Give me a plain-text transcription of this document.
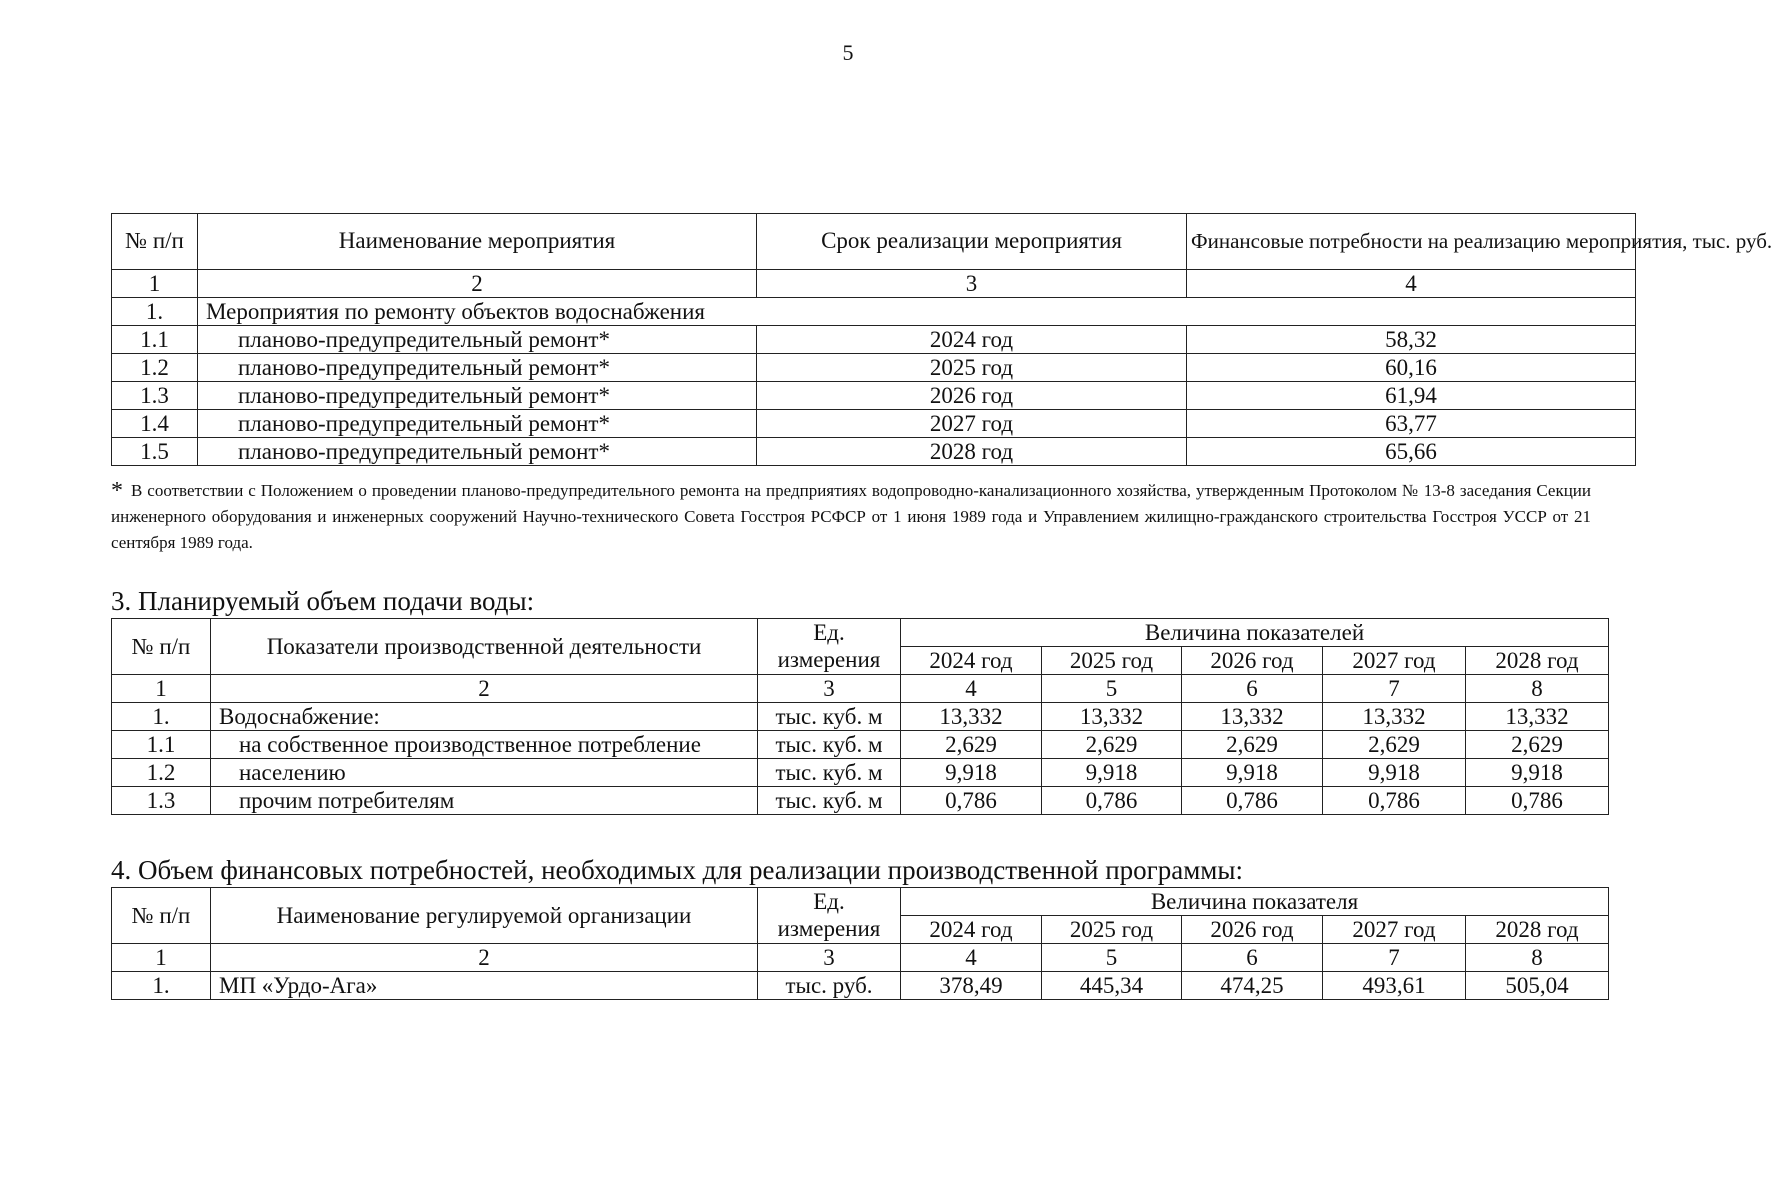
5
№ п/п	Наименование мероприятия	Срок реализации мероприятия	Финансовые потребности на реализацию мероприятия, тыс. руб.
1	2	3	4
1.	Мероприятия по ремонту объектов водоснабжения		
1.1	планово-предупредительный ремонт*	2024 год	58,32
1.2	планово-предупредительный ремонт*	2025 год	60,16
1.3	планово-предупредительный ремонт*	2026 год	61,94
1.4	планово-предупредительный ремонт*	2027 год	63,77
1.5	планово-предупредительный ремонт*	2028 год	65,66
* В соответствии с Положением о проведении планово-предупредительного ремонта на предприятиях водопроводно-канализационного хозяйства, утвержденным Протоколом № 13-8 заседания Секции инженерного оборудования и инженерных сооружений Научно-технического Совета Госстроя РСФСР от 1 июня 1989 года и Управлением жилищно-гражданского строительства Госстроя УССР от 21 сентября 1989 года.
3. Планируемый объем подачи воды:
№ п/п	Показатели производственной деятельности	Ед. измерения	Величина показателей				
			2024 год	2025 год	2026 год	2027 год	2028 год
1	2	3	4	5	6	7	8
1.	Водоснабжение:	тыс. куб. м	13,332	13,332	13,332	13,332	13,332
1.1	на собственное производственное потребление	тыс. куб. м	2,629	2,629	2,629	2,629	2,629
1.2	населению	тыс. куб. м	9,918	9,918	9,918	9,918	9,918
1.3	прочим потребителям	тыс. куб. м	0,786	0,786	0,786	0,786	0,786
4. Объем финансовых потребностей, необходимых для реализации производственной программы:
№ п/п	Наименование регулируемой организации	Ед. измерения	Величина показателя				
			2024 год	2025 год	2026 год	2027 год	2028 год
1	2	3	4	5	6	7	8
1.	МП «Урдо-Ага»	тыс. руб.	378,49	445,34	474,25	493,61	505,04
